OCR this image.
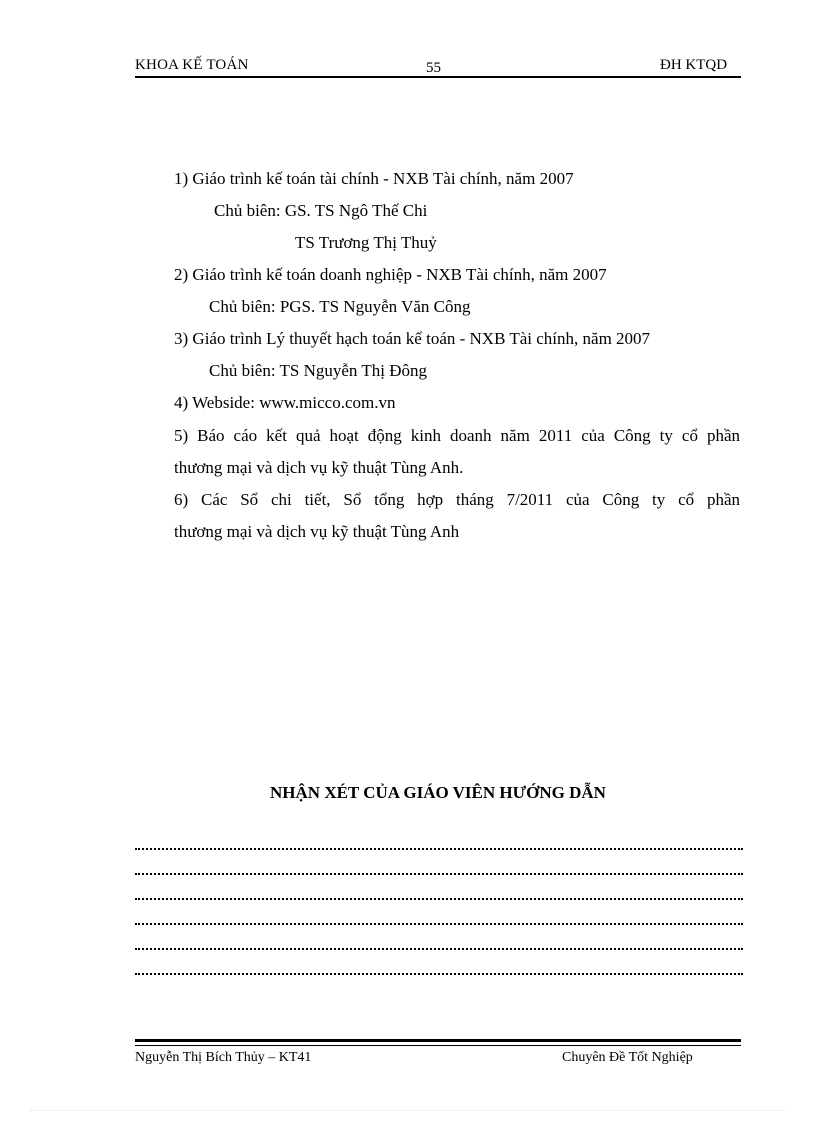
KHOA KẾ TOÁN	55	ĐH KTQD
1) Giáo trình kế toán tài chính - NXB Tài chính, năm 2007
Chủ biên: GS. TS Ngô Thế Chi
TS Trương Thị Thuỷ
2) Giáo trình kế toán doanh nghiệp - NXB Tài chính, năm 2007
Chủ biên: PGS. TS Nguyễn Văn Công
3) Giáo trình Lý thuyết hạch toán kế toán - NXB Tài chính, năm 2007
Chủ biên: TS Nguyễn Thị Đông
4) Webside: www.micco.com.vn
5) Báo cáo kết quả hoạt động kinh doanh năm 2011 của Công ty cổ phần
thương mại và dịch vụ kỹ thuật Tùng Anh.
6) Các Sổ chi tiết, Sổ tổng hợp tháng 7/2011 của Công ty cổ phần
thương mại và dịch vụ kỹ thuật Tùng Anh
NHẬN XÉT CỦA GIÁO VIÊN HƯỚNG DẪN
Nguyễn Thị Bích Thủy – KT41	Chuyên Đề Tốt Nghiệp
